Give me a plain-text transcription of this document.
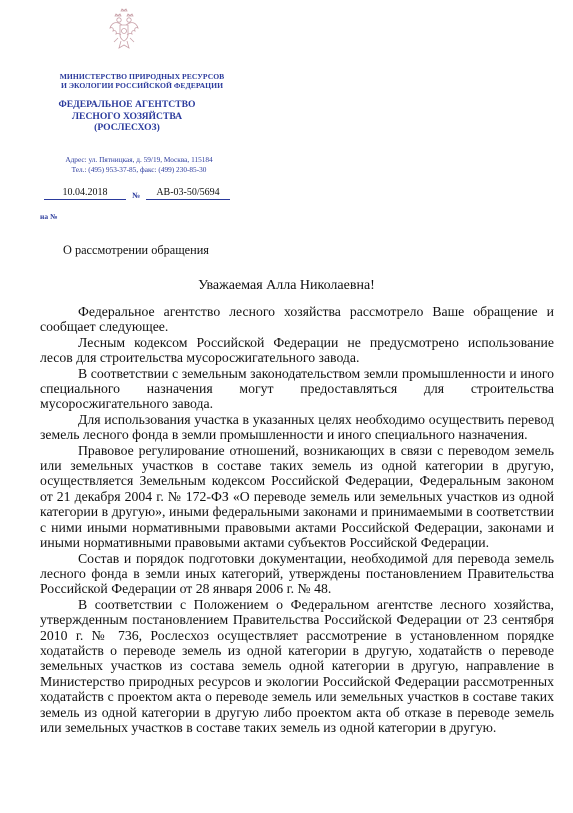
МИНИСТЕРСТВО ПРИРОДНЫХ РЕСУРСОВ
И ЭКОЛОГИИ РОССИЙСКОЙ ФЕДЕРАЦИИ
ФЕДЕРАЛЬНОЕ АГЕНТСТВО
ЛЕСНОГО ХОЗЯЙСТВА
(РОСЛЕСХОЗ)
Адрес: ул. Пятницкая, д. 59/19, Москва, 115184
Тел.: (495) 953-37-85, факс: (499) 230-85-30
10.04.2018	№	АВ-03-50/5694
на №
О рассмотрении обращения
Уважаемая Алла Николаевна!

Федеральное агентство лесного хозяйства рассмотрело Ваше обращение и сообщает следующее.

Лесным кодексом Российской Федерации не предусмотрено использование лесов для строительства мусоросжигательного завода.

В соответствии с земельным законодательством земли промышленности и иного специального назначения могут предоставляться для строительства мусоросжигательного завода.

Для использования участка в указанных целях необходимо осуществить перевод земель лесного фонда в земли промышленности и иного специального назначения.

Правовое регулирование отношений, возникающих в связи с переводом земель или земельных участков в составе таких земель из одной категории в другую, осуществляется Земельным кодексом Российской Федерации, Федеральным законом от 21 декабря 2004 г. № 172-ФЗ «О переводе земель или земельных участков из одной категории в другую», иными федеральными законами и принимаемыми в соответствии с ними иными нормативными правовыми актами Российской Федерации, законами и иными нормативными правовыми актами субъектов Российской Федерации.

Состав и порядок подготовки документации, необходимой для перевода земель лесного фонда в земли иных категорий, утверждены постановлением Правительства Российской Федерации от 28 января 2006 г. № 48.

В соответствии с Положением о Федеральном агентстве лесного хозяйства, утвержденным постановлением Правительства Российской Федерации от 23 сентября 2010 г. № 736, Рослесхоз осуществляет рассмотрение в установленном порядке ходатайств о переводе земель из одной категории в другую, ходатайств о переводе земельных участков из состава земель одной категории в другую, направление в Министерство природных ресурсов и экологии Российской Федерации рассмотренных ходатайств с проектом акта о переводе земель или земельных участков в составе таких земель из одной категории в другую либо проектом акта об отказе в переводе земель или земельных участков в составе таких земель из одной категории в другую.
